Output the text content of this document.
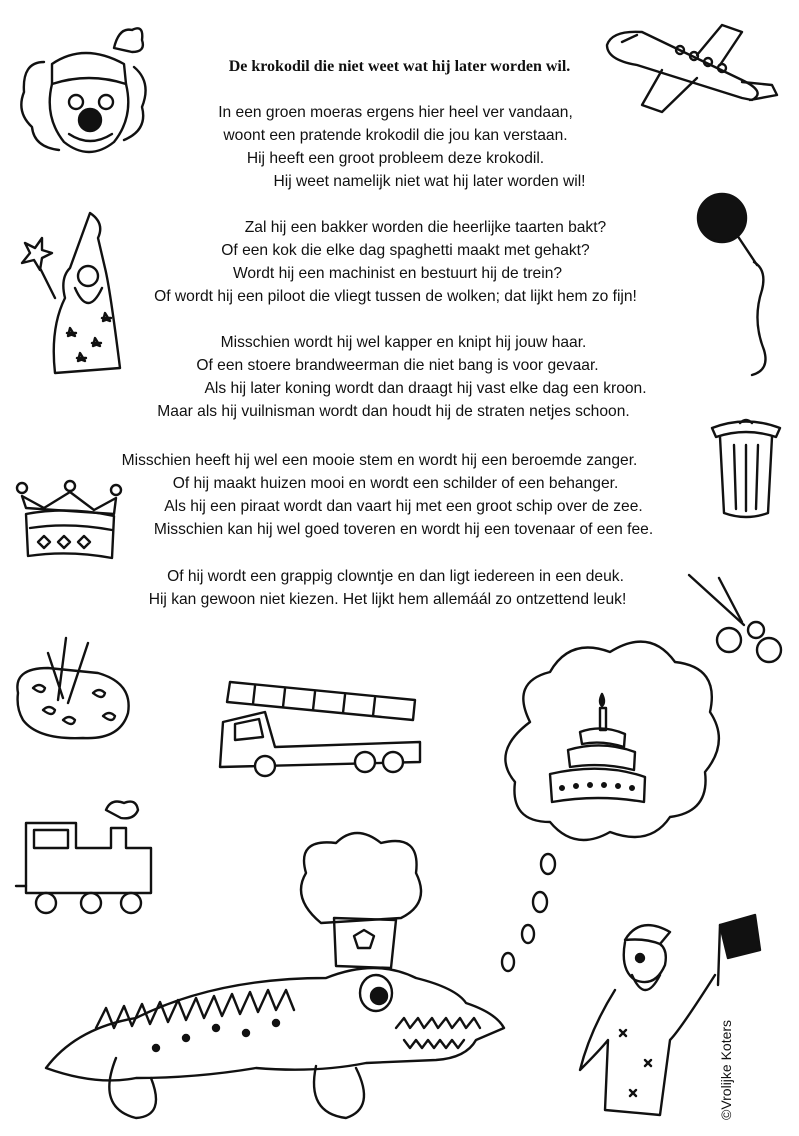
De krokodil die niet weet wat hij later worden wil.
In een groen moeras ergens hier heel ver vandaan,
woont een pratende krokodil die jou kan verstaan.
Hij heeft een groot probleem deze krokodil.
Hij weet namelijk niet wat hij later worden wil!
Zal hij een bakker worden die heerlijke taarten bakt?
Of een kok die elke dag spaghetti maakt met gehakt?
Wordt hij een machinist en bestuurt hij de trein?
Of wordt hij een piloot die vliegt tussen de wolken; dat lijkt hem zo fijn!
Misschien wordt hij wel kapper en knipt hij jouw haar.
Of een stoere brandweerman die niet bang is voor gevaar.
Als hij later koning wordt dan draagt hij vast elke dag een kroon.
Maar als hij vuilnisman wordt dan houdt hij de straten netjes schoon.
Misschien heeft hij wel een mooie stem en wordt hij een beroemde zanger.
Of hij maakt huizen mooi en wordt een schilder of een behanger.
Als hij een piraat wordt dan vaart hij met een groot schip over de zee.
Misschien kan hij wel goed toveren en wordt hij een tovenaar of een fee.
Of hij wordt een grappig clowntje en dan ligt iedereen in een deuk.
Hij kan gewoon niet kiezen. Het lijkt hem allemáál zo ontzettend leuk!
©Vrolijke Koters
